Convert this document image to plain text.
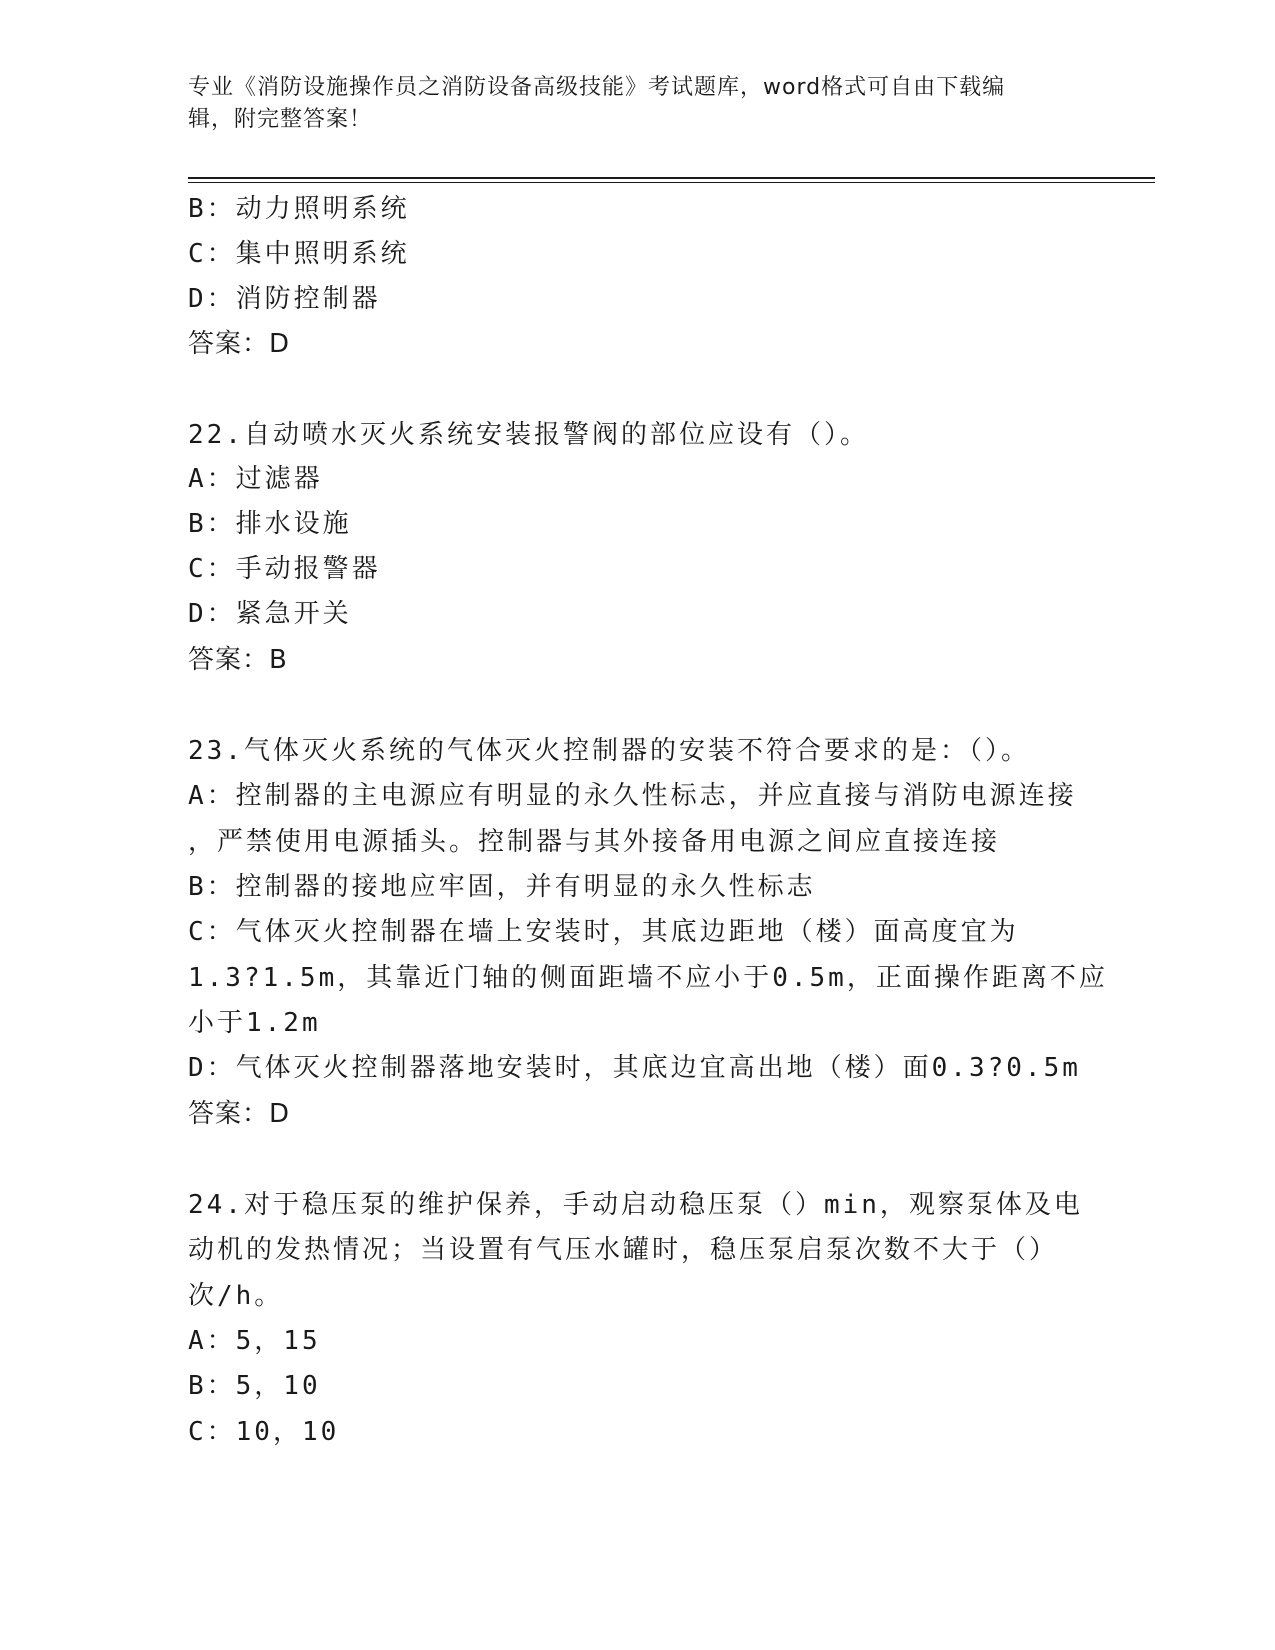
专业《消防设施操作员之消防设备高级技能》考试题库，word格式可自由下载编
辑，附完整答案！
B：动力照明系统
C：集中照明系统
D：消防控制器
答案：D
22.自动喷水灭火系统安装报警阀的部位应设有（）。
A：过滤器
B：排水设施
C：手动报警器
D：紧急开关
答案：B
23.气体灭火系统的气体灭火控制器的安装不符合要求的是：（）。
A：控制器的主电源应有明显的永久性标志，并应直接与消防电源连接
，严禁使用电源插头。控制器与其外接备用电源之间应直接连接
B：控制器的接地应牢固，并有明显的永久性标志
C：气体灭火控制器在墙上安装时，其底边距地（楼）面高度宜为
1.3?1.5m，其靠近门轴的侧面距墙不应小于0.5m，正面操作距离不应
小于1.2m
D：气体灭火控制器落地安装时，其底边宜高出地（楼）面0.3?0.5m
答案：D
24.对于稳压泵的维护保养，手动启动稳压泵（）min，观察泵体及电
动机的发热情况；当设置有气压水罐时，稳压泵启泵次数不大于（）
次/h。
A：5，15
B：5，10
C：10，10
